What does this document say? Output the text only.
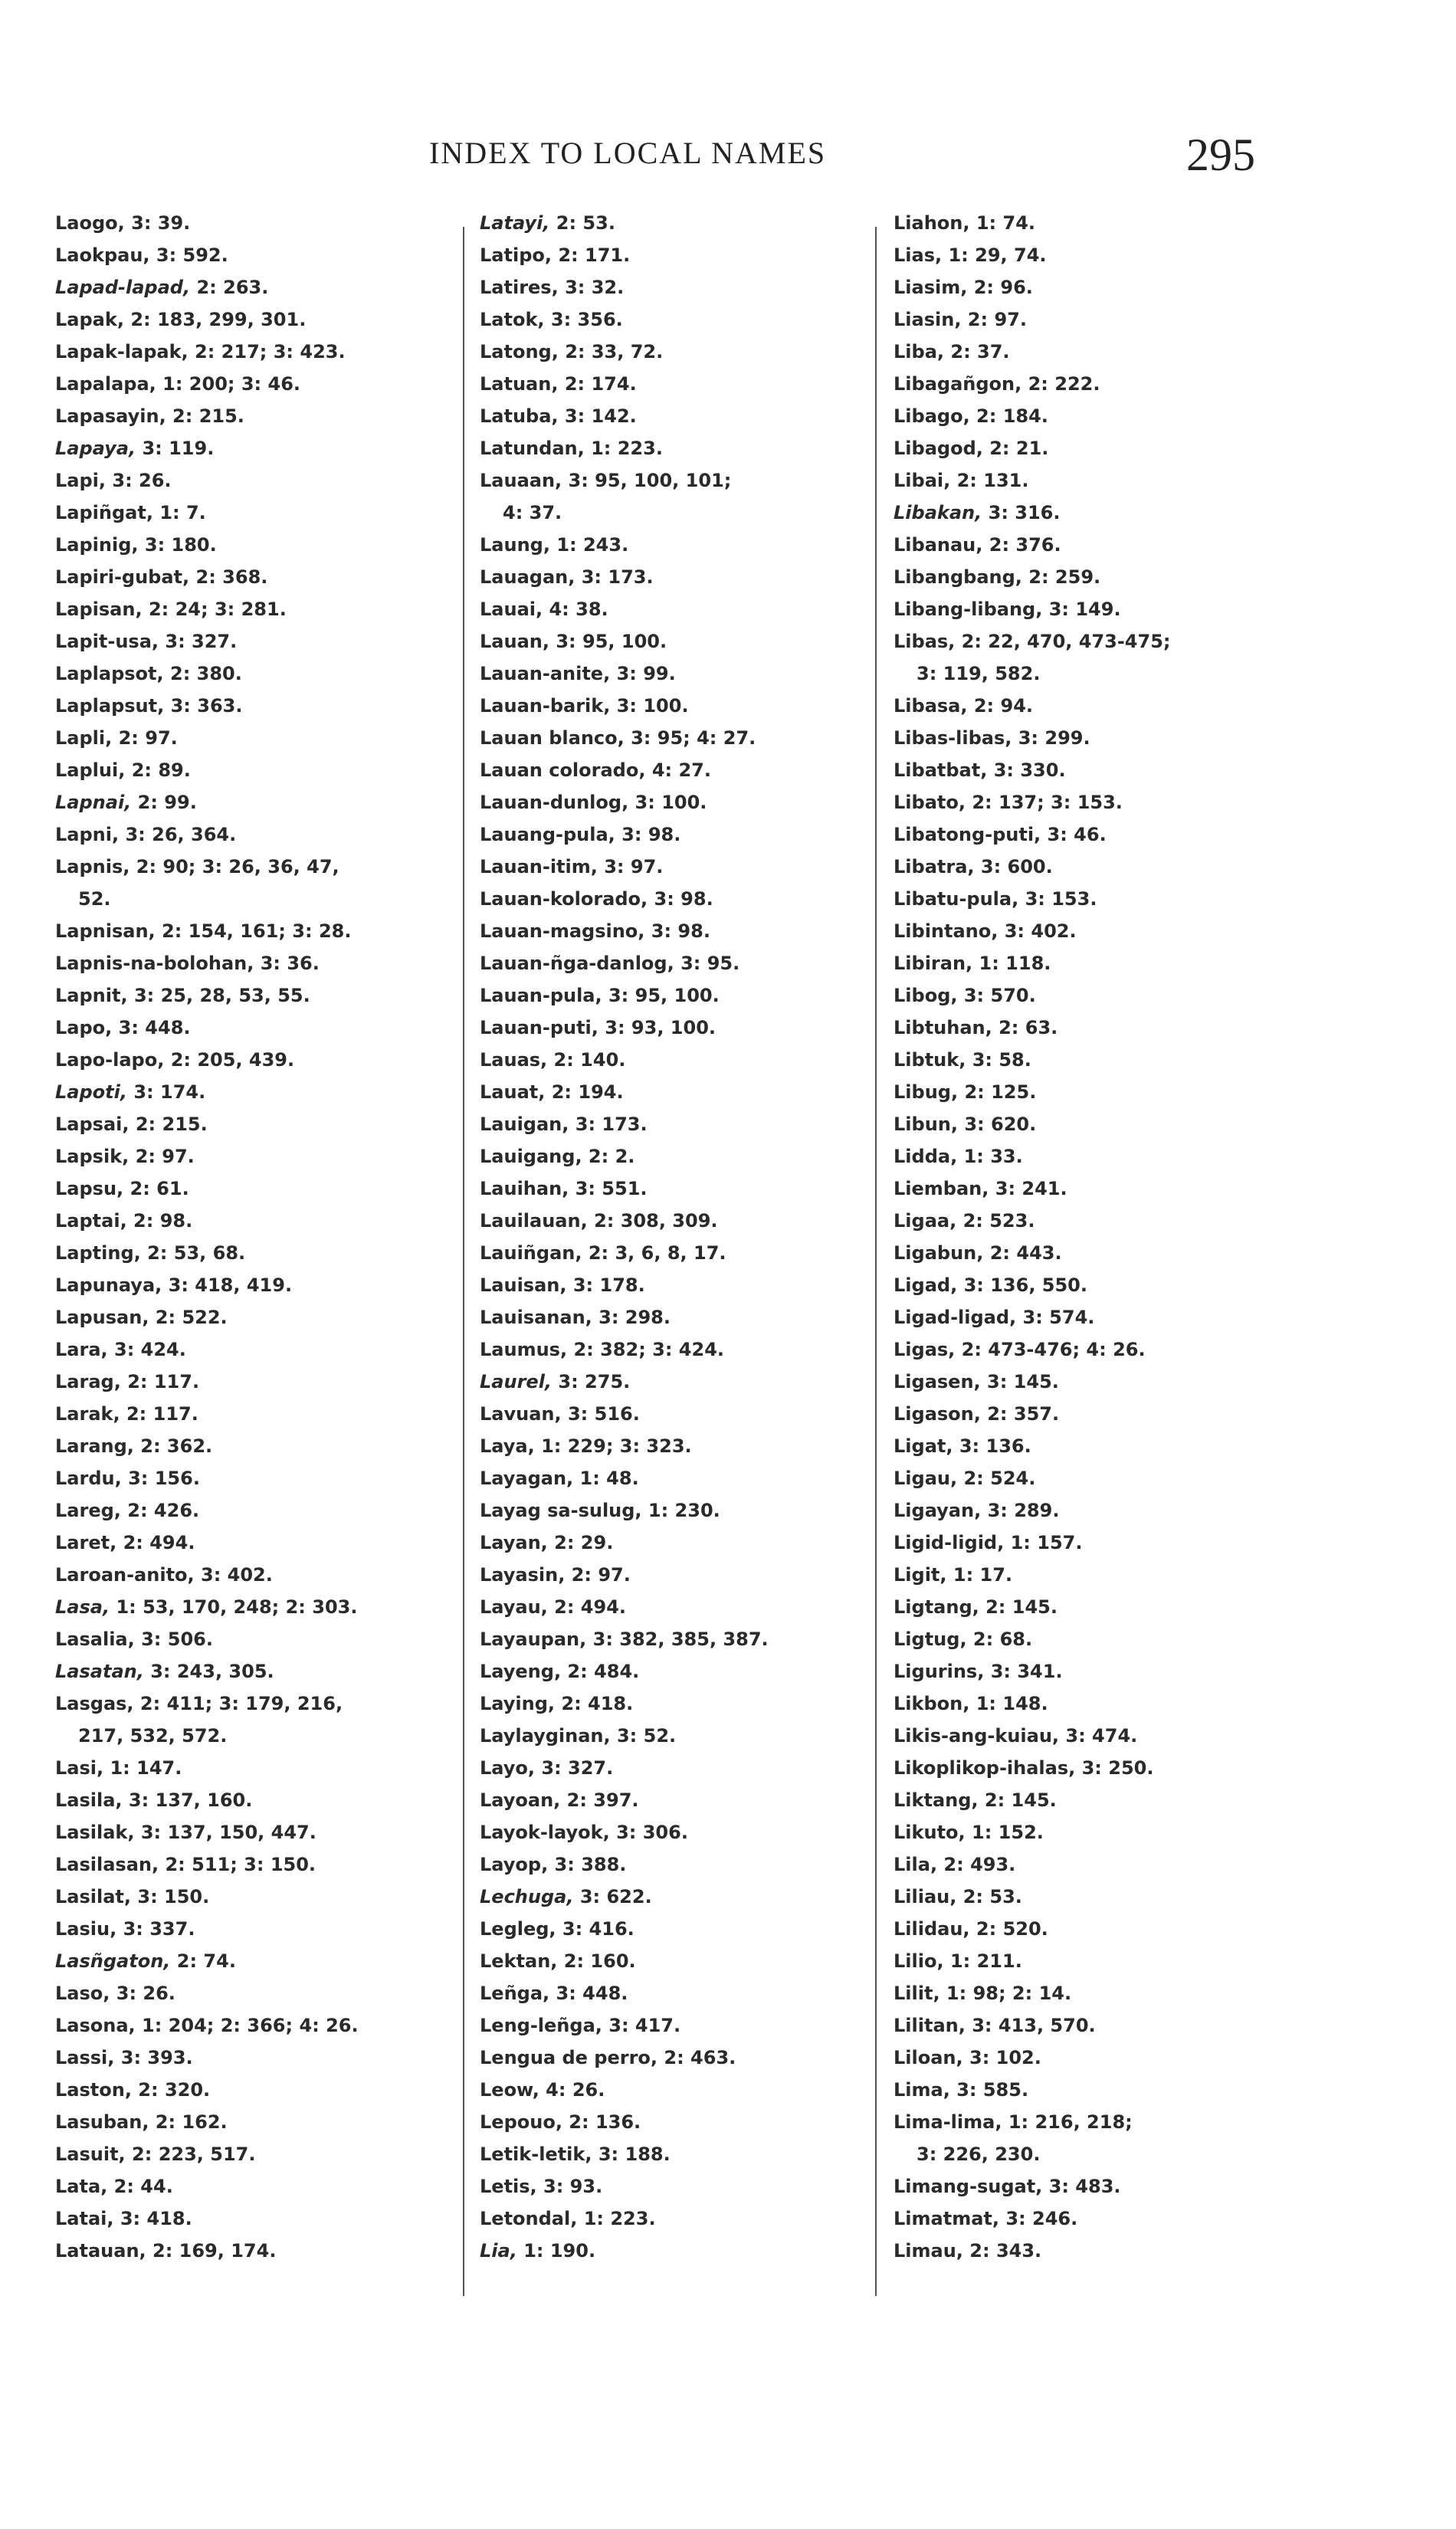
INDEX TO LOCAL NAMES	295
Laogo, 3: 39.
Laokpau, 3: 592.
Lapad-lapad, 2: 263.
Lapak, 2: 183, 299, 301.
Lapak-lapak, 2: 217; 3: 423.
Lapalapa, 1: 200; 3: 46.
Lapasayin, 2: 215.
Lapaya, 3: 119.
Lapi, 3: 26.
Lapiñgat, 1: 7.
Lapinig, 3: 180.
Lapiri-gubat, 2: 368.
Lapisan, 2: 24; 3: 281.
Lapit-usa, 3: 327.
Laplapsot, 2: 380.
Laplapsut, 3: 363.
Lapli, 2: 97.
Laplui, 2: 89.
Lapnai, 2: 99.
Lapni, 3: 26, 364.
Lapnis, 2: 90; 3: 26, 36, 47,
52.
Lapnisan, 2: 154, 161; 3: 28.
Lapnis-na-bolohan, 3: 36.
Lapnit, 3: 25, 28, 53, 55.
Lapo, 3: 448.
Lapo-lapo, 2: 205, 439.
Lapoti, 3: 174.
Lapsai, 2: 215.
Lapsik, 2: 97.
Lapsu, 2: 61.
Laptai, 2: 98.
Lapting, 2: 53, 68.
Lapunaya, 3: 418, 419.
Lapusan, 2: 522.
Lara, 3: 424.
Larag, 2: 117.
Larak, 2: 117.
Larang, 2: 362.
Lardu, 3: 156.
Lareg, 2: 426.
Laret, 2: 494.
Laroan-anito, 3: 402.
Lasa, 1: 53, 170, 248; 2: 303.
Lasalia, 3: 506.
Lasatan, 3: 243, 305.
Lasgas, 2: 411; 3: 179, 216,
217, 532, 572.
Lasi, 1: 147.
Lasila, 3: 137, 160.
Lasilak, 3: 137, 150, 447.
Lasilasan, 2: 511; 3: 150.
Lasilat, 3: 150.
Lasiu, 3: 337.
Lasñgaton, 2: 74.
Laso, 3: 26.
Lasona, 1: 204; 2: 366; 4: 26.
Lassi, 3: 393.
Laston, 2: 320.
Lasuban, 2: 162.
Lasuit, 2: 223, 517.
Lata, 2: 44.
Latai, 3: 418.
Latauan, 2: 169, 174.
Latayi, 2: 53.
Latipo, 2: 171.
Latires, 3: 32.
Latok, 3: 356.
Latong, 2: 33, 72.
Latuan, 2: 174.
Latuba, 3: 142.
Latundan, 1: 223.
Lauaan, 3: 95, 100, 101;
4: 37.
Laung, 1: 243.
Lauagan, 3: 173.
Lauai, 4: 38.
Lauan, 3: 95, 100.
Lauan-anite, 3: 99.
Lauan-barik, 3: 100.
Lauan blanco, 3: 95; 4: 27.
Lauan colorado, 4: 27.
Lauan-dunlog, 3: 100.
Lauang-pula, 3: 98.
Lauan-itim, 3: 97.
Lauan-kolorado, 3: 98.
Lauan-magsino, 3: 98.
Lauan-ñga-danlog, 3: 95.
Lauan-pula, 3: 95, 100.
Lauan-puti, 3: 93, 100.
Lauas, 2: 140.
Lauat, 2: 194.
Lauigan, 3: 173.
Lauigang, 2: 2.
Lauihan, 3: 551.
Lauilauan, 2: 308, 309.
Lauiñgan, 2: 3, 6, 8, 17.
Lauisan, 3: 178.
Lauisanan, 3: 298.
Laumus, 2: 382; 3: 424.
Laurel, 3: 275.
Lavuan, 3: 516.
Laya, 1: 229; 3: 323.
Layagan, 1: 48.
Layag sa-sulug, 1: 230.
Layan, 2: 29.
Layasin, 2: 97.
Layau, 2: 494.
Layaupan, 3: 382, 385, 387.
Layeng, 2: 484.
Laying, 2: 418.
Laylayginan, 3: 52.
Layo, 3: 327.
Layoan, 2: 397.
Layok-layok, 3: 306.
Layop, 3: 388.
Lechuga, 3: 622.
Legleg, 3: 416.
Lektan, 2: 160.
Leñga, 3: 448.
Leng-leñga, 3: 417.
Lengua de perro, 2: 463.
Leow, 4: 26.
Lepouo, 2: 136.
Letik-letik, 3: 188.
Letis, 3: 93.
Letondal, 1: 223.
Lia, 1: 190.
Liahon, 1: 74.
Lias, 1: 29, 74.
Liasim, 2: 96.
Liasin, 2: 97.
Liba, 2: 37.
Libagañgon, 2: 222.
Libago, 2: 184.
Libagod, 2: 21.
Libai, 2: 131.
Libakan, 3: 316.
Libanau, 2: 376.
Libangbang, 2: 259.
Libang-libang, 3: 149.
Libas, 2: 22, 470, 473-475;
3: 119, 582.
Libasa, 2: 94.
Libas-libas, 3: 299.
Libatbat, 3: 330.
Libato, 2: 137; 3: 153.
Libatong-puti, 3: 46.
Libatra, 3: 600.
Libatu-pula, 3: 153.
Libintano, 3: 402.
Libiran, 1: 118.
Libog, 3: 570.
Libtuhan, 2: 63.
Libtuk, 3: 58.
Libug, 2: 125.
Libun, 3: 620.
Lidda, 1: 33.
Liemban, 3: 241.
Ligaa, 2: 523.
Ligabun, 2: 443.
Ligad, 3: 136, 550.
Ligad-ligad, 3: 574.
Ligas, 2: 473-476; 4: 26.
Ligasen, 3: 145.
Ligason, 2: 357.
Ligat, 3: 136.
Ligau, 2: 524.
Ligayan, 3: 289.
Ligid-ligid, 1: 157.
Ligit, 1: 17.
Ligtang, 2: 145.
Ligtug, 2: 68.
Ligurins, 3: 341.
Likbon, 1: 148.
Likis-ang-kuiau, 3: 474.
Likoplikop-ihalas, 3: 250.
Liktang, 2: 145.
Likuto, 1: 152.
Lila, 2: 493.
Liliau, 2: 53.
Lilidau, 2: 520.
Lilio, 1: 211.
Lilit, 1: 98; 2: 14.
Lilitan, 3: 413, 570.
Liloan, 3: 102.
Lima, 3: 585.
Lima-lima, 1: 216, 218;
3: 226, 230.
Limang-sugat, 3: 483.
Limatmat, 3: 246.
Limau, 2: 343.
